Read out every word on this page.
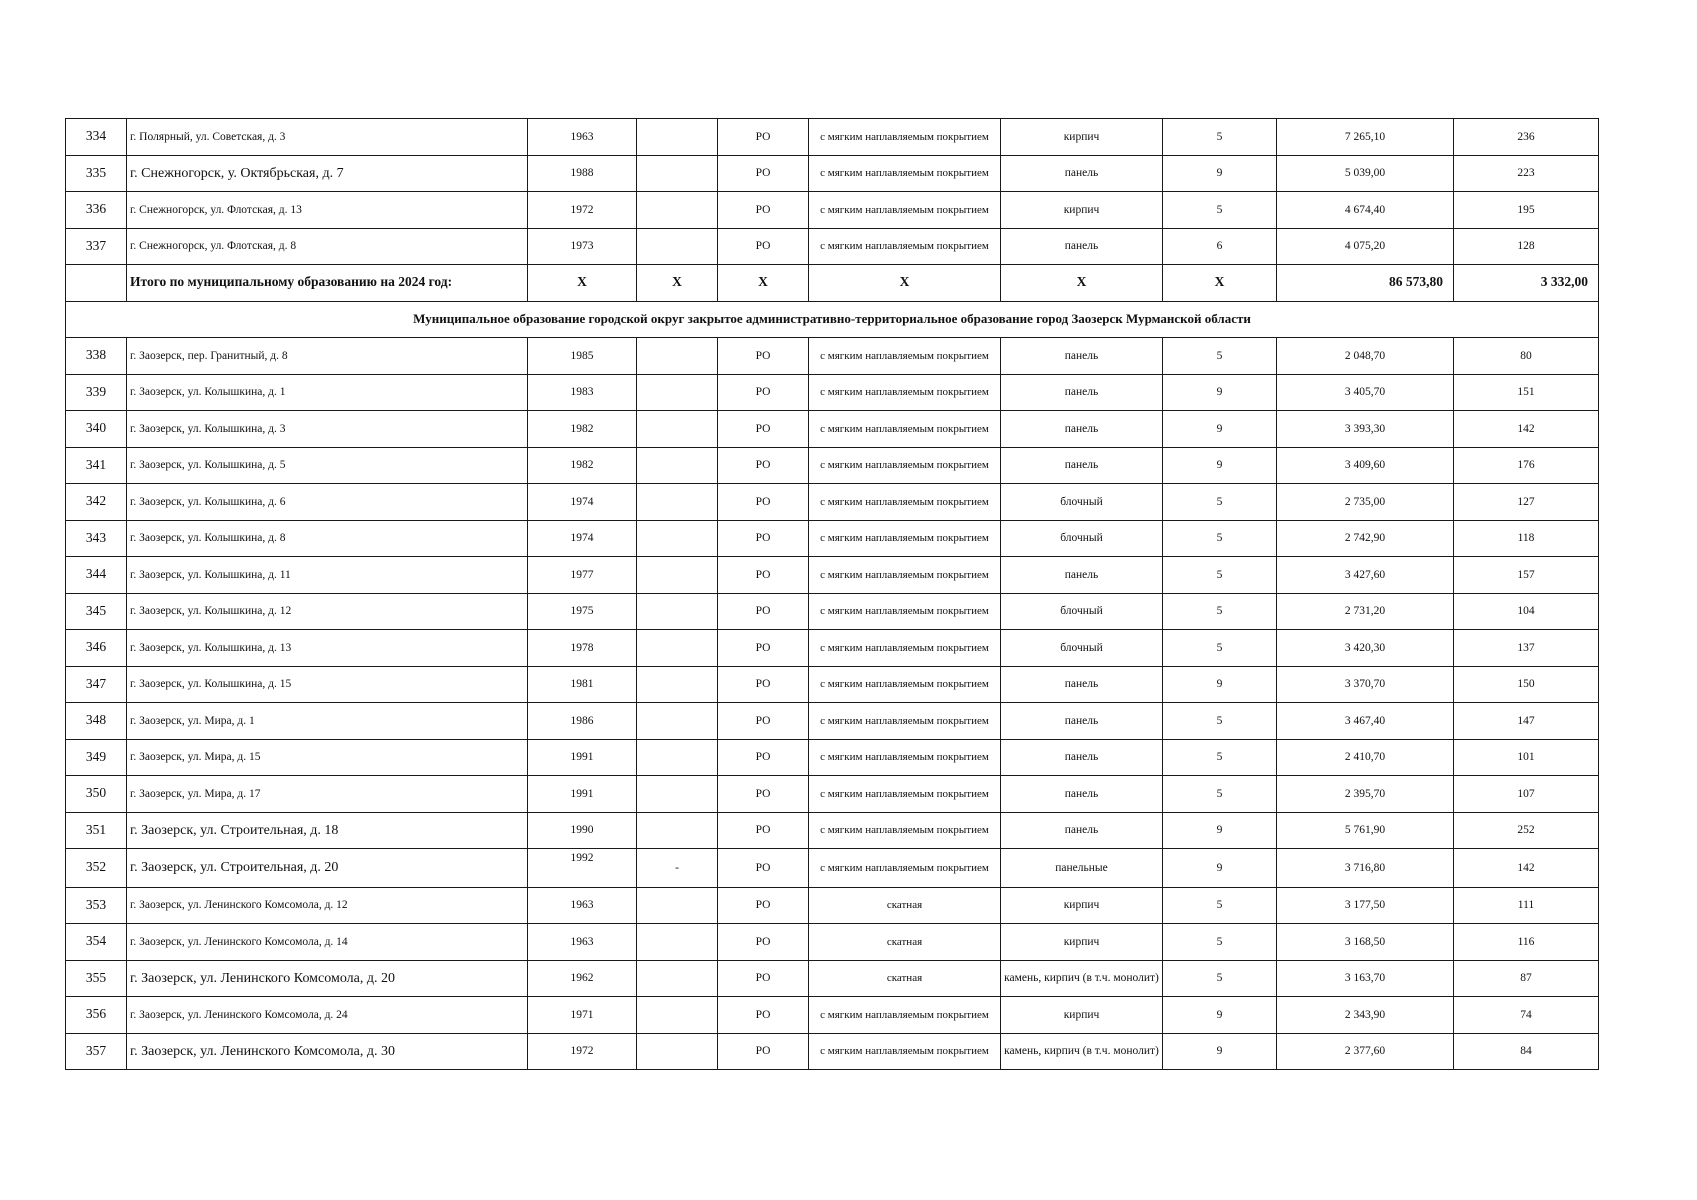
334	г. Полярный, ул. Советская, д. 3	1963		РО	с мягким наплавляемым покрытием	кирпич	5	7 265,10	236
335	г. Снежногорск, у. Октябрьская, д. 7	1988		РО	с мягким наплавляемым покрытием	панель	9	5 039,00	223
336	г. Снежногорск, ул. Флотская, д. 13	1972		РО	с мягким наплавляемым покрытием	кирпич	5	4 674,40	195
337	г. Снежногорск, ул. Флотская, д. 8	1973		РО	с мягким наплавляемым покрытием	панель	6	4 075,20	128
	Итого по муниципальному образованию на 2024 год:	X	X	X	X	X	X	86 573,80	3 332,00
Муниципальное образование городской округ закрытое административно-территориальное образование город Заозерск Мурманской области									
338	г. Заозерск, пер. Гранитный, д. 8	1985		РО	с мягким наплавляемым покрытием	панель	5	2 048,70	80
339	г. Заозерск, ул. Колышкина, д. 1	1983		РО	с мягким наплавляемым покрытием	панель	9	3 405,70	151
340	г. Заозерск, ул. Колышкина, д. 3	1982		РО	с мягким наплавляемым покрытием	панель	9	3 393,30	142
341	г. Заозерск, ул. Колышкина, д. 5	1982		РО	с мягким наплавляемым покрытием	панель	9	3 409,60	176
342	г. Заозерск, ул. Колышкина, д. 6	1974		РО	с мягким наплавляемым покрытием	блочный	5	2 735,00	127
343	г. Заозерск, ул. Колышкина, д. 8	1974		РО	с мягким наплавляемым покрытием	блочный	5	2 742,90	118
344	г. Заозерск, ул. Колышкина, д. 11	1977		РО	с мягким наплавляемым покрытием	панель	5	3 427,60	157
345	г. Заозерск, ул. Колышкина, д. 12	1975		РО	с мягким наплавляемым покрытием	блочный	5	2 731,20	104
346	г. Заозерск, ул. Колышкина, д. 13	1978		РО	с мягким наплавляемым покрытием	блочный	5	3 420,30	137
347	г. Заозерск, ул. Колышкина, д. 15	1981		РО	с мягким наплавляемым покрытием	панель	9	3 370,70	150
348	г. Заозерск, ул. Мира, д. 1	1986		РО	с мягким наплавляемым покрытием	панель	5	3 467,40	147
349	г. Заозерск, ул. Мира, д. 15	1991		РО	с мягким наплавляемым покрытием	панель	5	2 410,70	101
350	г. Заозерск, ул. Мира, д. 17	1991		РО	с мягким наплавляемым покрытием	панель	5	2 395,70	107
351	г. Заозерск, ул. Строительная, д. 18	1990		РО	с мягким наплавляемым покрытием	панель	9	5 761,90	252
352	г. Заозерск, ул. Строительная, д. 20	1992	-	РО	с мягким наплавляемым покрытием	панельные	9	3 716,80	142
353	г. Заозерск, ул. Ленинского Комсомола, д. 12	1963		РО	скатная	кирпич	5	3 177,50	111
354	г. Заозерск, ул. Ленинского Комсомола, д. 14	1963		РО	скатная	кирпич	5	3 168,50	116
355	г. Заозерск, ул. Ленинского Комсомола, д. 20	1962		РО	скатная	камень, кирпич (в т.ч. монолит)	5	3 163,70	87
356	г. Заозерск, ул. Ленинского Комсомола, д. 24	1971		РО	с мягким наплавляемым покрытием	кирпич	9	2 343,90	74
357	г. Заозерск, ул. Ленинского Комсомола, д. 30	1972		РО	с мягким наплавляемым покрытием	камень, кирпич (в т.ч. монолит)	9	2 377,60	84
